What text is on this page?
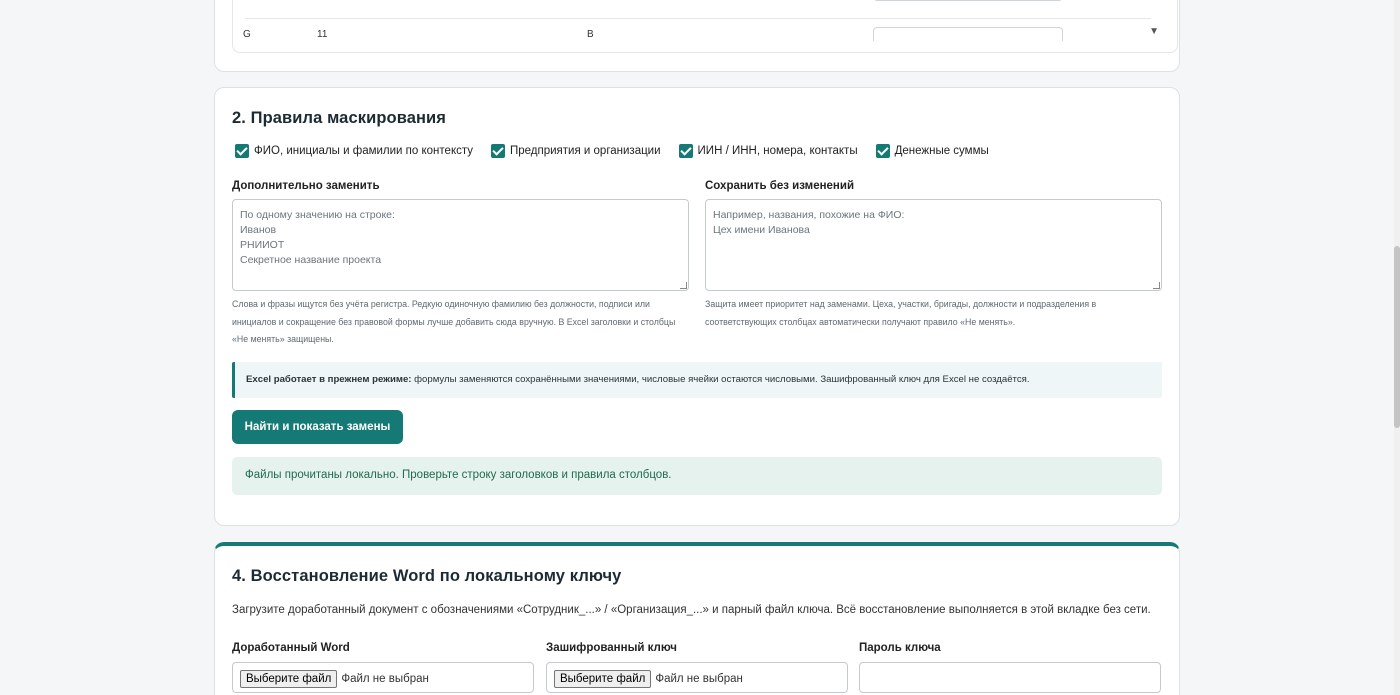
G	11	B	▼
2. Правила маскирования
ФИО, инициалы и фамилии по контексту	Предприятия и организации	ИИН / ИНН, номера, контакты	Денежные суммы
Дополнительно заменить
По одному значению на строке: Иванов РНИИОТ Секретное название проекта
Слова и фразы ищутся без учёта регистра. Редкую одиночную фамилию без должности, подписи или инициалов и сокращение без правовой формы лучше добавить сюда вручную. В Excel заголовки и столбцы «Не менять» защищены.
Сохранить без изменений
Например, названия, похожие на ФИО: Цех имени Иванова
Защита имеет приоритет над заменами. Цеха, участки, бригады, должности и подразделения в соответствующих столбцах автоматически получают правило «Не менять».
Excel работает в прежнем режиме: формулы заменяются сохранёнными значениями, числовые ячейки остаются числовыми. Зашифрованный ключ для Excel не создаётся.
Найти и показать замены
Файлы прочитаны локально. Проверьте строку заголовков и правила столбцов.
4. Восстановление Word по локальному ключу
Загрузите доработанный документ с обозначениями «Сотрудник_...» / «Организация_...» и парный файл ключа. Всё восстановление выполняется в этой вкладке без сети.
Доработанный Word
Выберите файл Файл не выбран
Зашифрованный ключ
Выберите файл Файл не выбран
Пароль ключа
